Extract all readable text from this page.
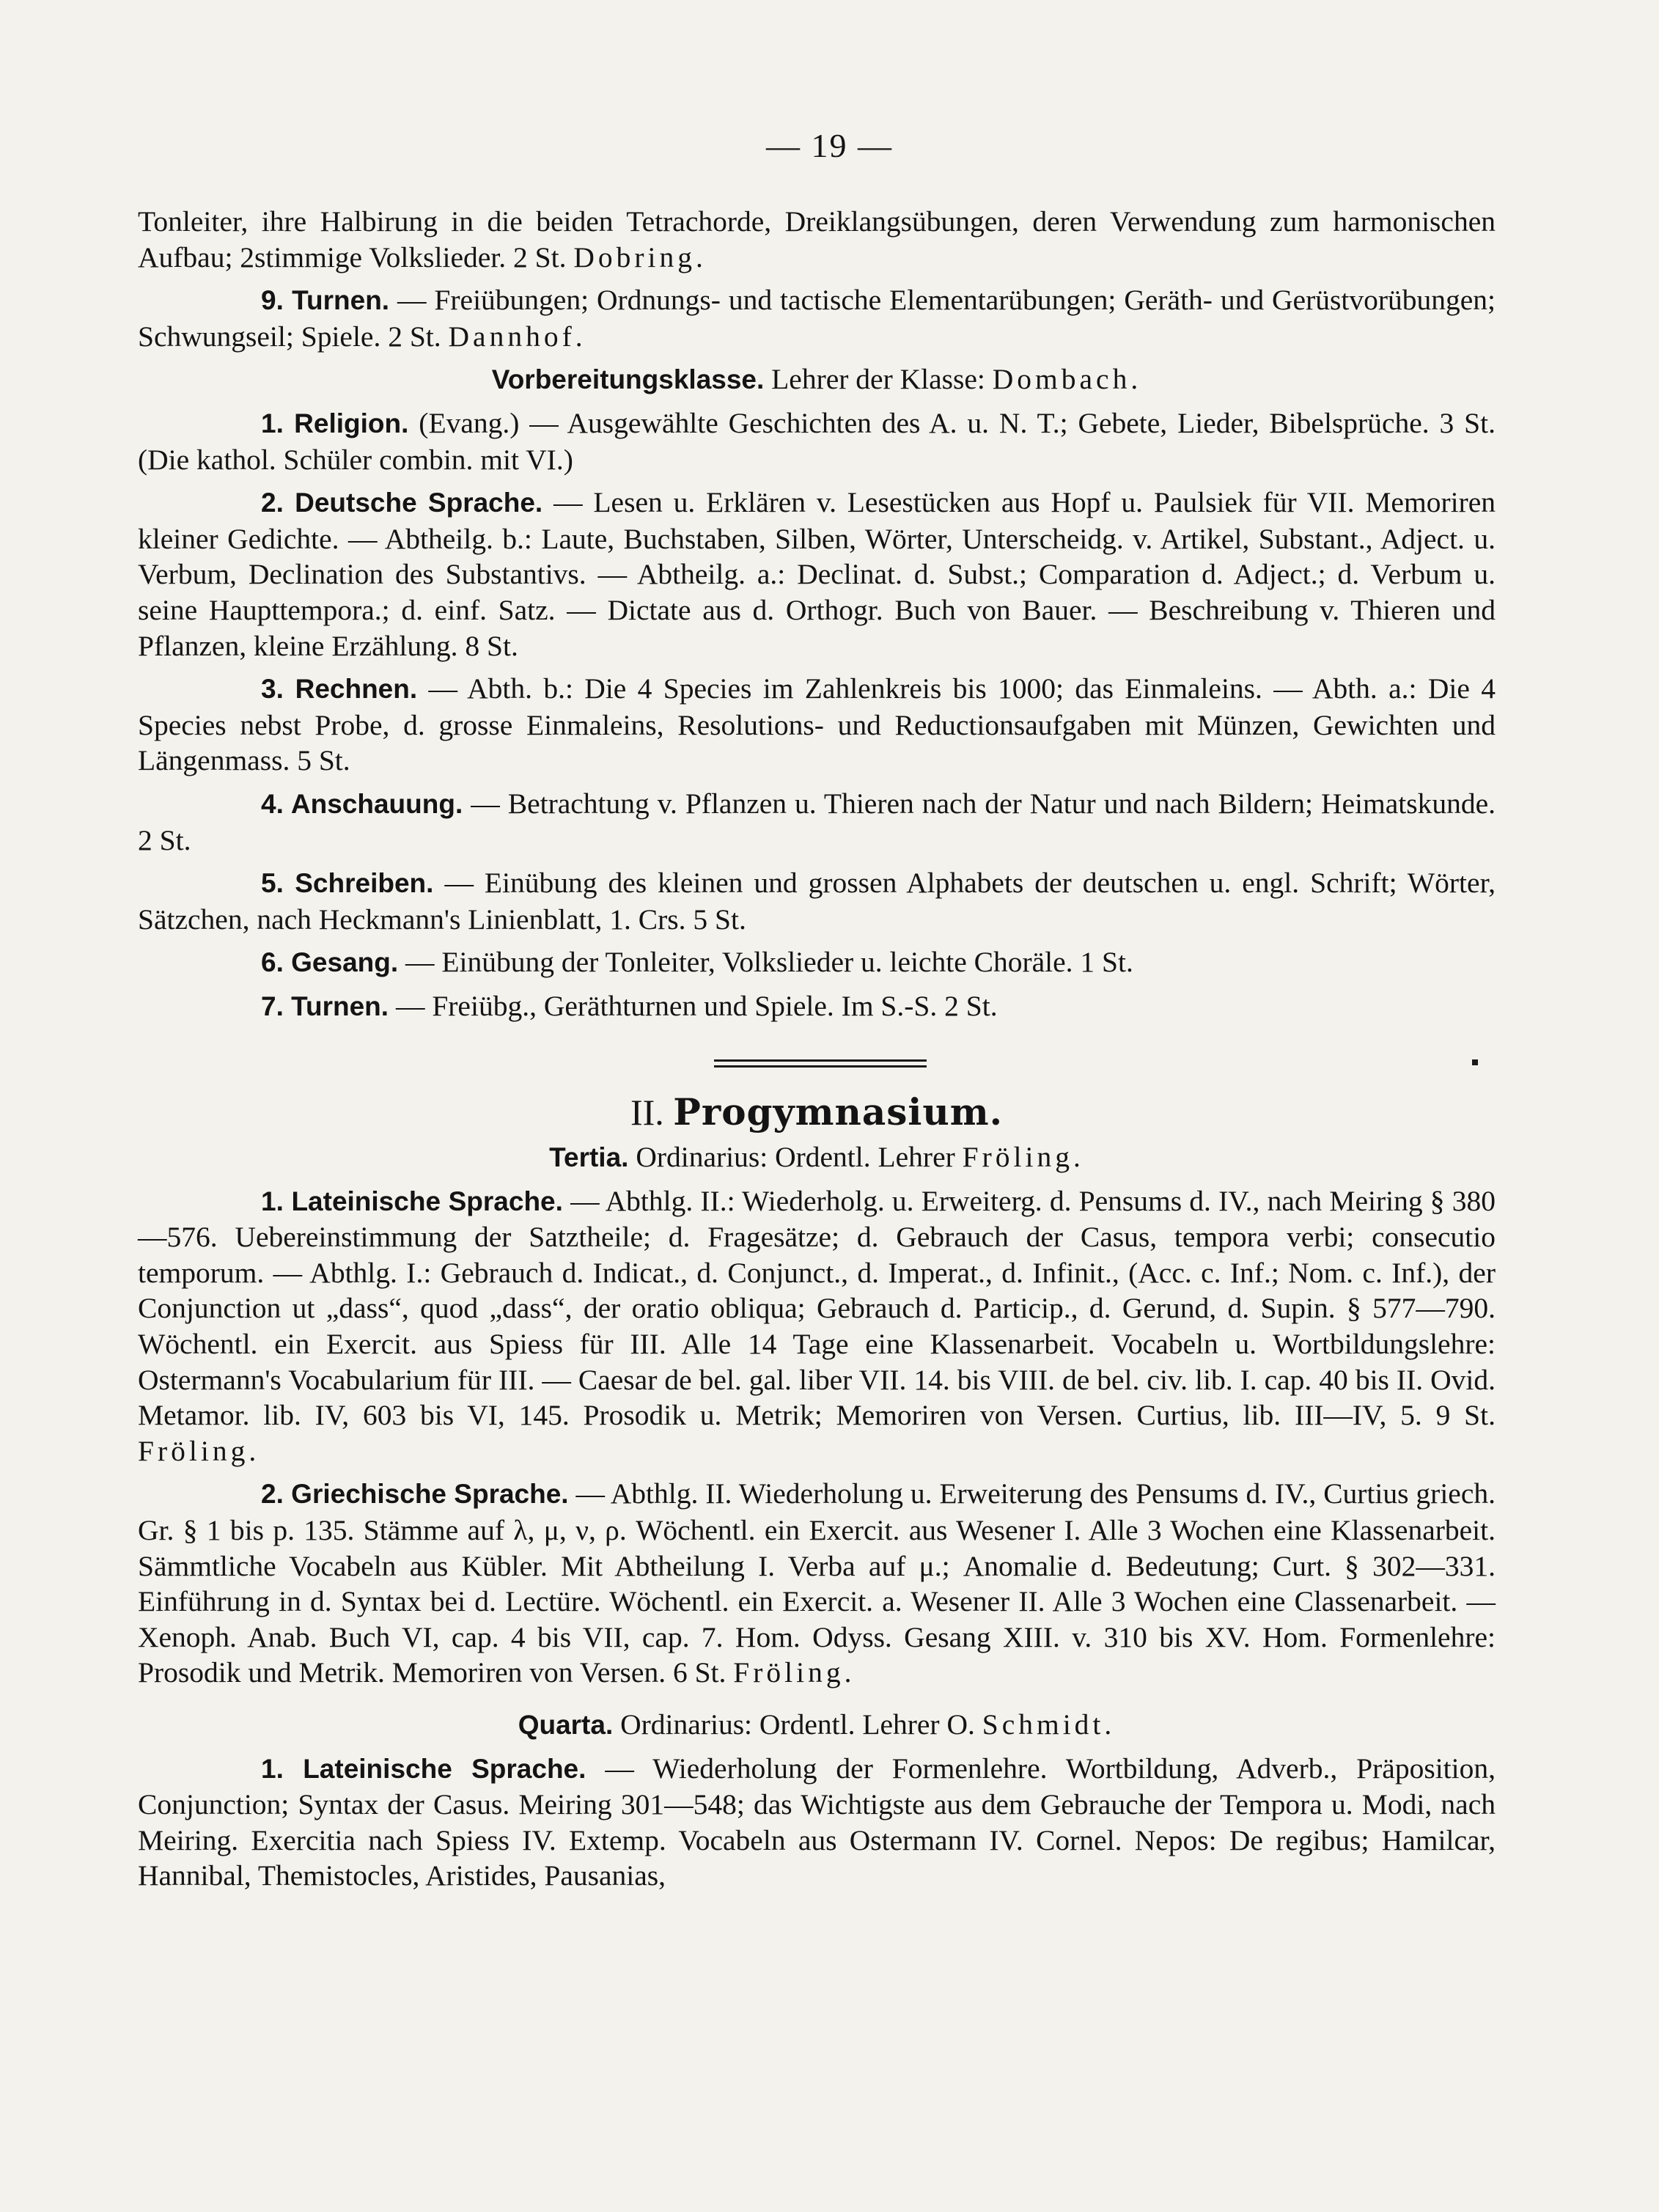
— 19 —

Tonleiter, ihre Halbirung in die beiden Tetrachorde, Dreiklangsübungen, deren Verwendung zum harmonischen Aufbau; 2stimmige Volkslieder. 2 St. Dobring.

9. Turnen. — Freiübungen; Ordnungs- und tactische Elementarübungen; Geräth- und Gerüstvorübungen; Schwungseil; Spiele. 2 St. Dannhof.

Vorbereitungsklasse. Lehrer der Klasse: Dombach.

1. Religion. (Evang.) — Ausgewählte Geschichten des A. u. N. T.; Gebete, Lieder, Bibelsprüche. 3 St. (Die kathol. Schüler combin. mit VI.)

2. Deutsche Sprache. — Lesen u. Erklären v. Lesestücken aus Hopf u. Paulsiek für VII. Memoriren kleiner Gedichte. — Abtheilg. b.: Laute, Buchstaben, Silben, Wörter, Unterscheidg. v. Artikel, Substant., Adject. u. Verbum, Declination des Substantivs. — Abtheilg. a.: Declinat. d. Subst.; Comparation d. Adject.; d. Verbum u. seine Haupttempora.; d. einf. Satz. — Dictate aus d. Orthogr. Buch von Bauer. — Beschreibung v. Thieren und Pflanzen, kleine Erzählung. 8 St.

3. Rechnen. — Abth. b.: Die 4 Species im Zahlenkreis bis 1000; das Einmaleins. — Abth. a.: Die 4 Species nebst Probe, d. grosse Einmaleins, Resolutions- und Reductionsaufgaben mit Münzen, Gewichten und Längenmass. 5 St.

4. Anschauung. — Betrachtung v. Pflanzen u. Thieren nach der Natur und nach Bildern; Heimatskunde. 2 St.

5. Schreiben. — Einübung des kleinen und grossen Alphabets der deutschen u. engl. Schrift; Wörter, Sätzchen, nach Heckmann's Linienblatt, 1. Crs. 5 St.

6. Gesang. — Einübung der Tonleiter, Volkslieder u. leichte Choräle. 1 St.

7. Turnen. — Freiübg., Geräthturnen und Spiele. Im S.-S. 2 St.

II. Progymnasium.

Tertia. Ordinarius: Ordentl. Lehrer Fröling.

1. Lateinische Sprache. — Abthlg. II.: Wiederholg. u. Erweiterg. d. Pensums d. IV., nach Meiring § 380—576. Uebereinstimmung der Satztheile; d. Fragesätze; d. Gebrauch der Casus, tempora verbi; consecutio temporum. — Abthlg. I.: Gebrauch d. Indicat., d. Conjunct., d. Imperat., d. Infinit., (Acc. c. Inf.; Nom. c. Inf.), der Conjunction ut „dass“, quod „dass“, der oratio obliqua; Gebrauch d. Particip., d. Gerund, d. Supin. § 577—790. Wöchentl. ein Exercit. aus Spiess für III. Alle 14 Tage eine Klassenarbeit. Vocabeln u. Wortbildungslehre: Ostermann's Vocabularium für III. — Caesar de bel. gal. liber VII. 14. bis VIII. de bel. civ. lib. I. cap. 40 bis II. Ovid. Metamor. lib. IV, 603 bis VI, 145. Prosodik u. Metrik; Memoriren von Versen. Curtius, lib. III—IV, 5. 9 St. Fröling.

2. Griechische Sprache. — Abthlg. II. Wiederholung u. Erweiterung des Pensums d. IV., Curtius griech. Gr. § 1 bis p. 135. Stämme auf λ, μ, ν, ρ. Wöchentl. ein Exercit. aus Wesener I. Alle 3 Wochen eine Klassenarbeit. Sämmtliche Vocabeln aus Kübler. Mit Abtheilung I. Verba auf μ.; Anomalie d. Bedeutung; Curt. § 302—331. Einführung in d. Syntax bei d. Lectüre. Wöchentl. ein Exercit. a. Wesener II. Alle 3 Wochen eine Classenarbeit. — Xenoph. Anab. Buch VI, cap. 4 bis VII, cap. 7. Hom. Odyss. Gesang XIII. v. 310 bis XV. Hom. Formenlehre: Prosodik und Metrik. Memoriren von Versen. 6 St. Fröling.

Quarta. Ordinarius: Ordentl. Lehrer O. Schmidt.

1. Lateinische Sprache. — Wiederholung der Formenlehre. Wortbildung, Adverb., Präposition, Conjunction; Syntax der Casus. Meiring 301—548; das Wichtigste aus dem Gebrauche der Tempora u. Modi, nach Meiring. Exercitia nach Spiess IV. Extemp. Vocabeln aus Ostermann IV. Cornel. Nepos: De regibus; Hamilcar, Hannibal, Themistocles, Aristides, Pausanias,
